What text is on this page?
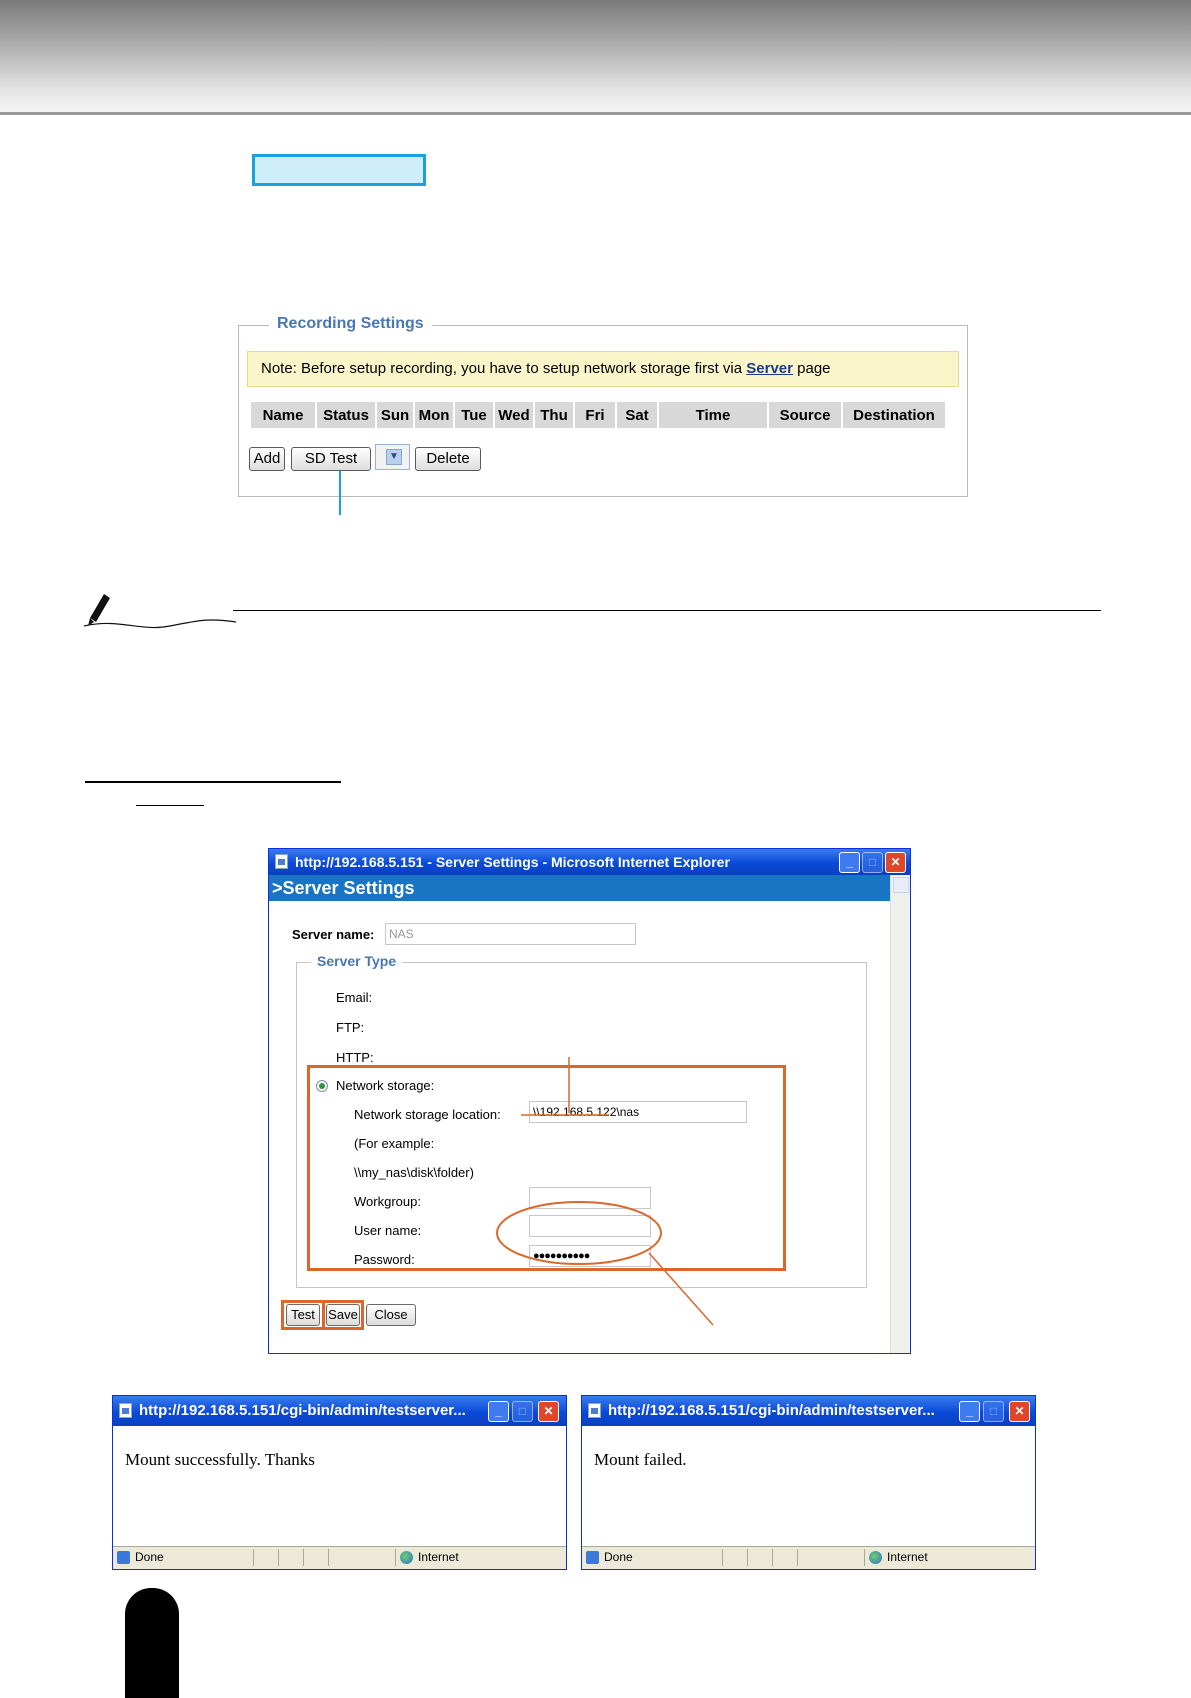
Recording Settings
Note: Before setup recording, you have to setup network storage first via Server page
Name	Status	Sun	Mon	Tue	Wed	Thu	Fri	Sat	Time	Source	Destination
Add	SD Test	▼	Delete
http://192.168.5.151 - Server Settings - Microsoft Internet Explorer	_	□	✕
>Server Settings
Server name:	NAS
Server Type
Email:
FTP:
HTTP:
Network storage:
Network storage location:	\\192.168.5.122\nas
(For example:
\\my_nas\disk\folder)
Workgroup:
User name:
Password:	●●●●●●●●●●
Test	Save	Close
http://192.168.5.151/cgi-bin/admin/testserver...	_	□	✕
Mount successfully. Thanks
Done	Internet
http://192.168.5.151/cgi-bin/admin/testserver...	_	□	✕
Mount failed.
Done	Internet
